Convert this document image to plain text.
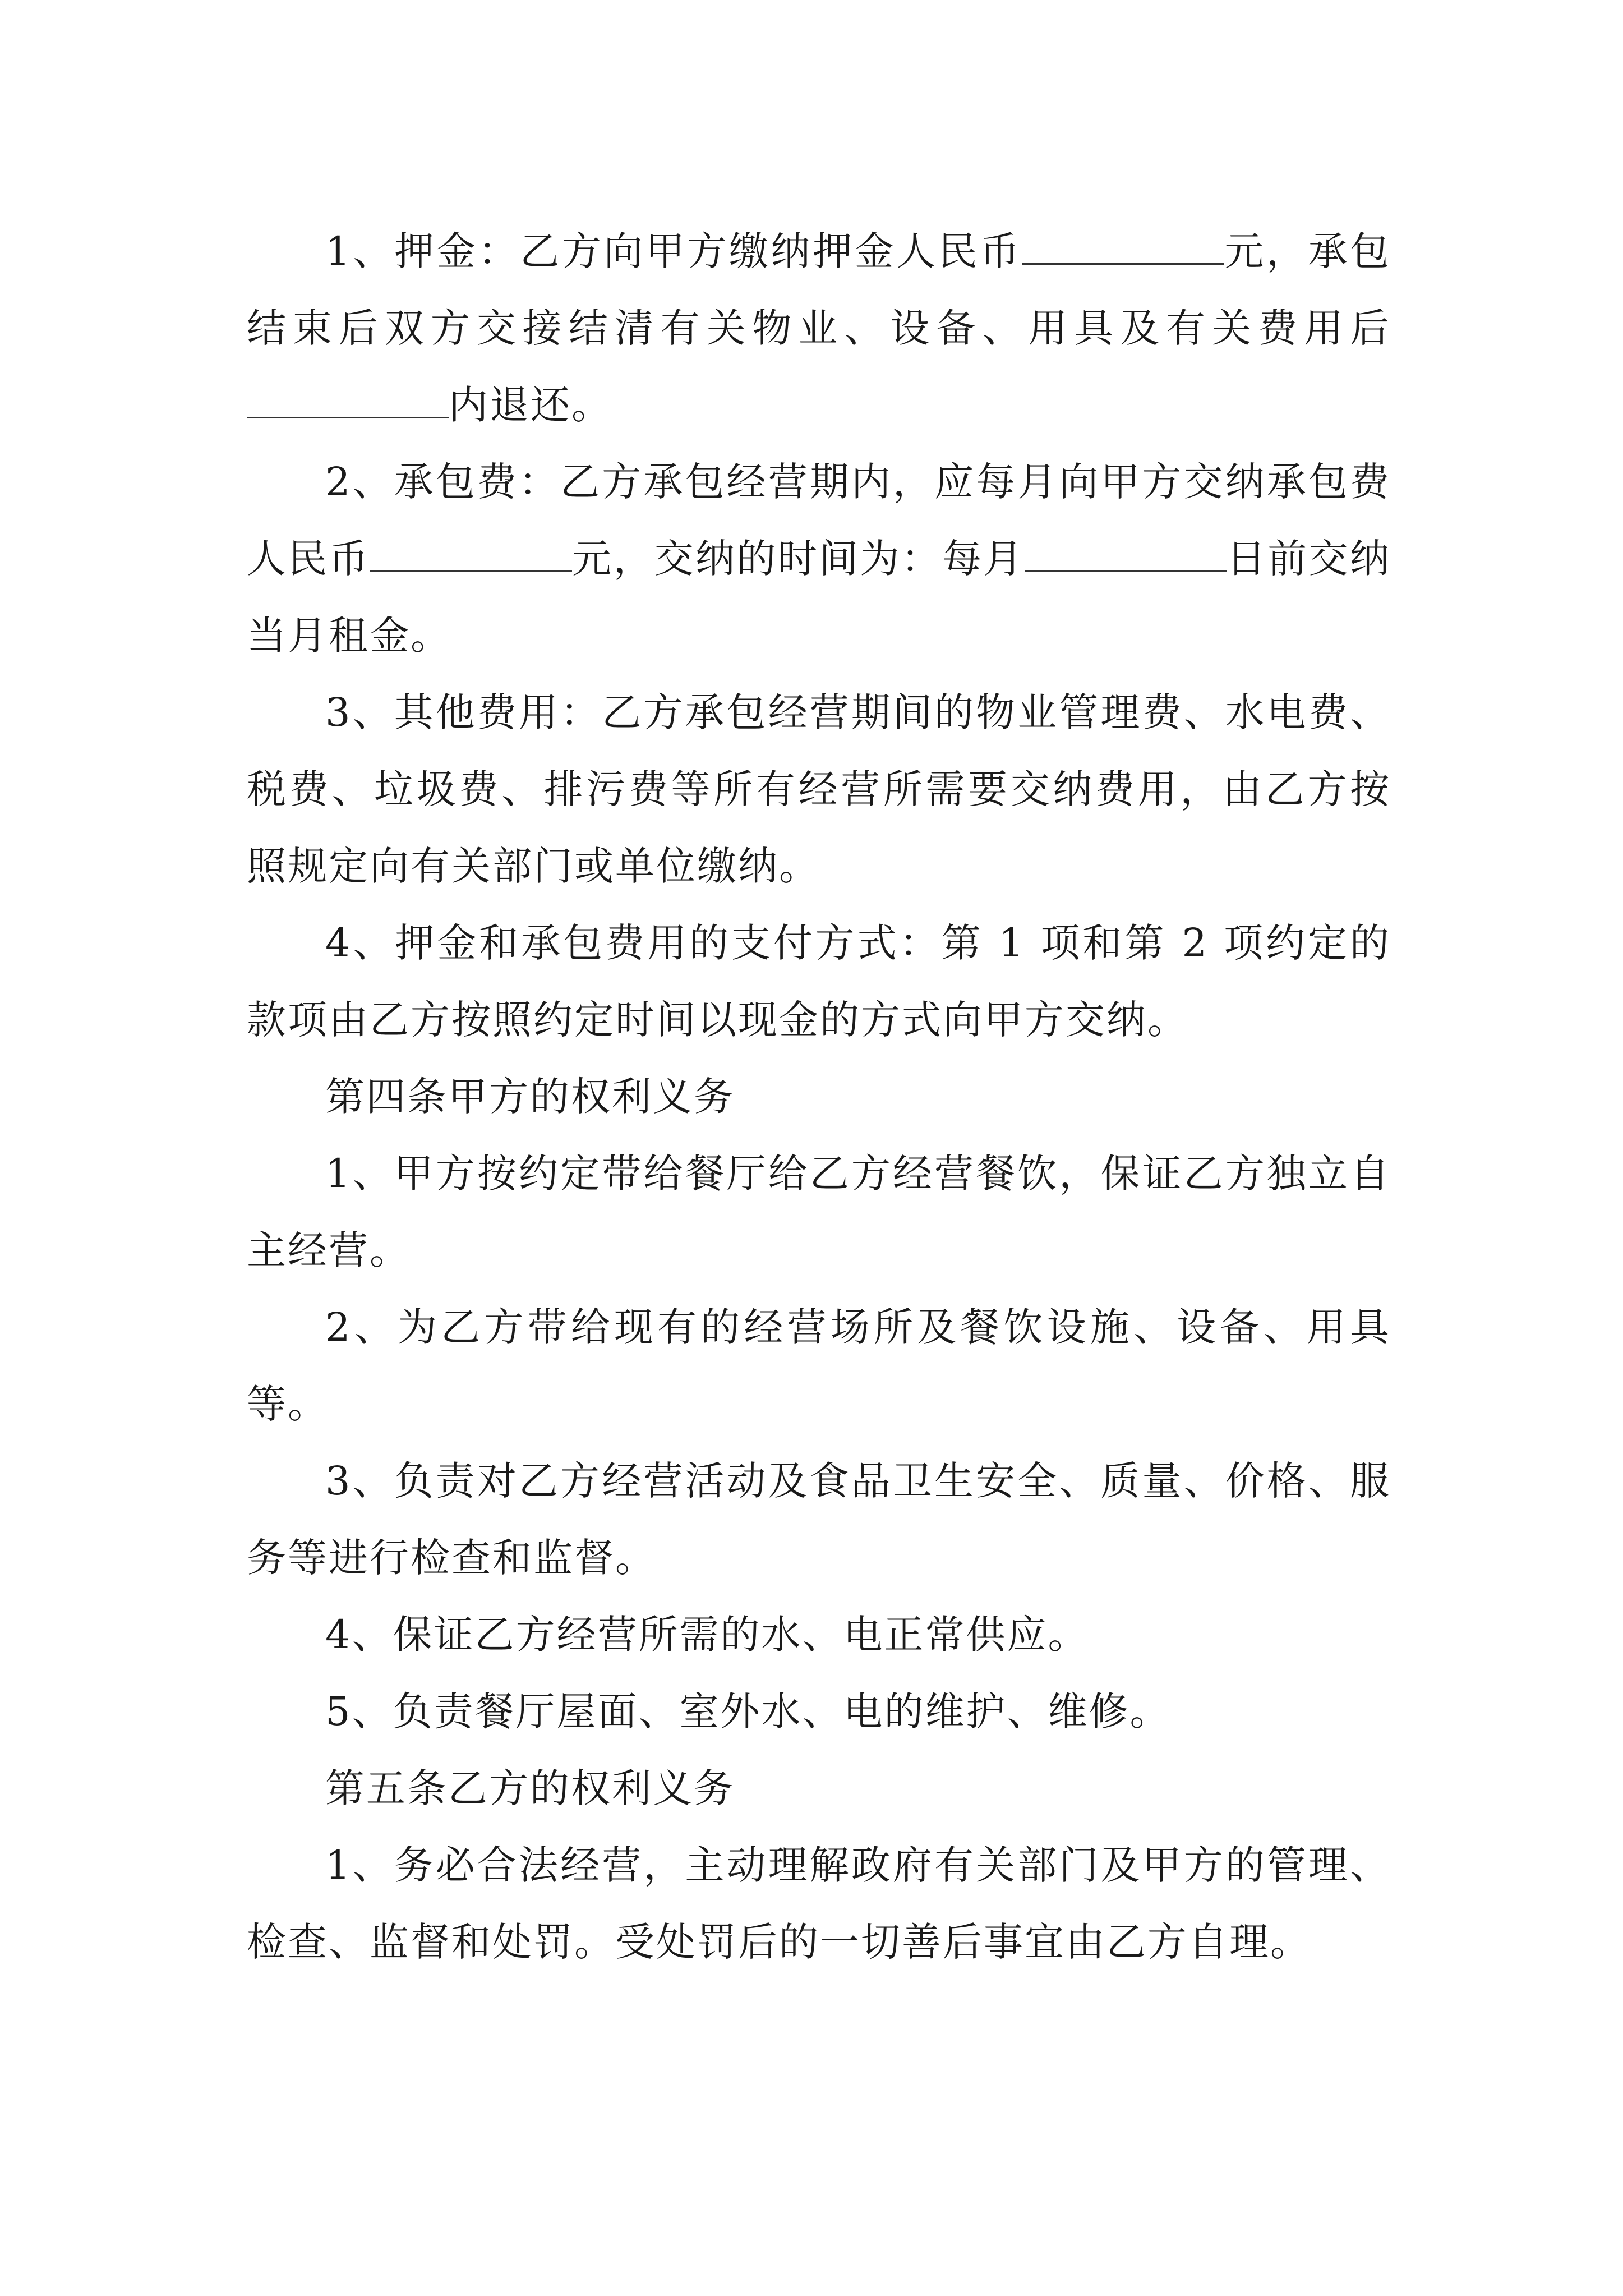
1、押金：乙方向甲方缴纳押金人民币	元，承包结束后双方交接结清有关物业、设备、用具及有关费用后内退还。

2、承包费：乙方承包经营期内，应每月向甲方交纳承包费人民币	元，交纳的时间为：每月	日前交纳当月租金。

3、其他费用：乙方承包经营期间的物业管理费、水电费、税费、垃圾费、排污费等所有经营所需要交纳费用，由乙方按照规定向有关部门或单位缴纳。

4、押金和承包费用的支付方式：第 1 项和第 2 项约定的款项由乙方按照约定时间以现金的方式向甲方交纳。

第四条甲方的权利义务

1、甲方按约定带给餐厅给乙方经营餐饮，保证乙方独立自主经营。

2、为乙方带给现有的经营场所及餐饮设施、设备、用具等。

3、负责对乙方经营活动及食品卫生安全、质量、价格、服务等进行检查和监督。

4、保证乙方经营所需的水、电正常供应。

5、负责餐厅屋面、室外水、电的维护、维修。

第五条乙方的权利义务

1、务必合法经营，主动理解政府有关部门及甲方的管理、检查、监督和处罚。受处罚后的一切善后事宜由乙方自理。
